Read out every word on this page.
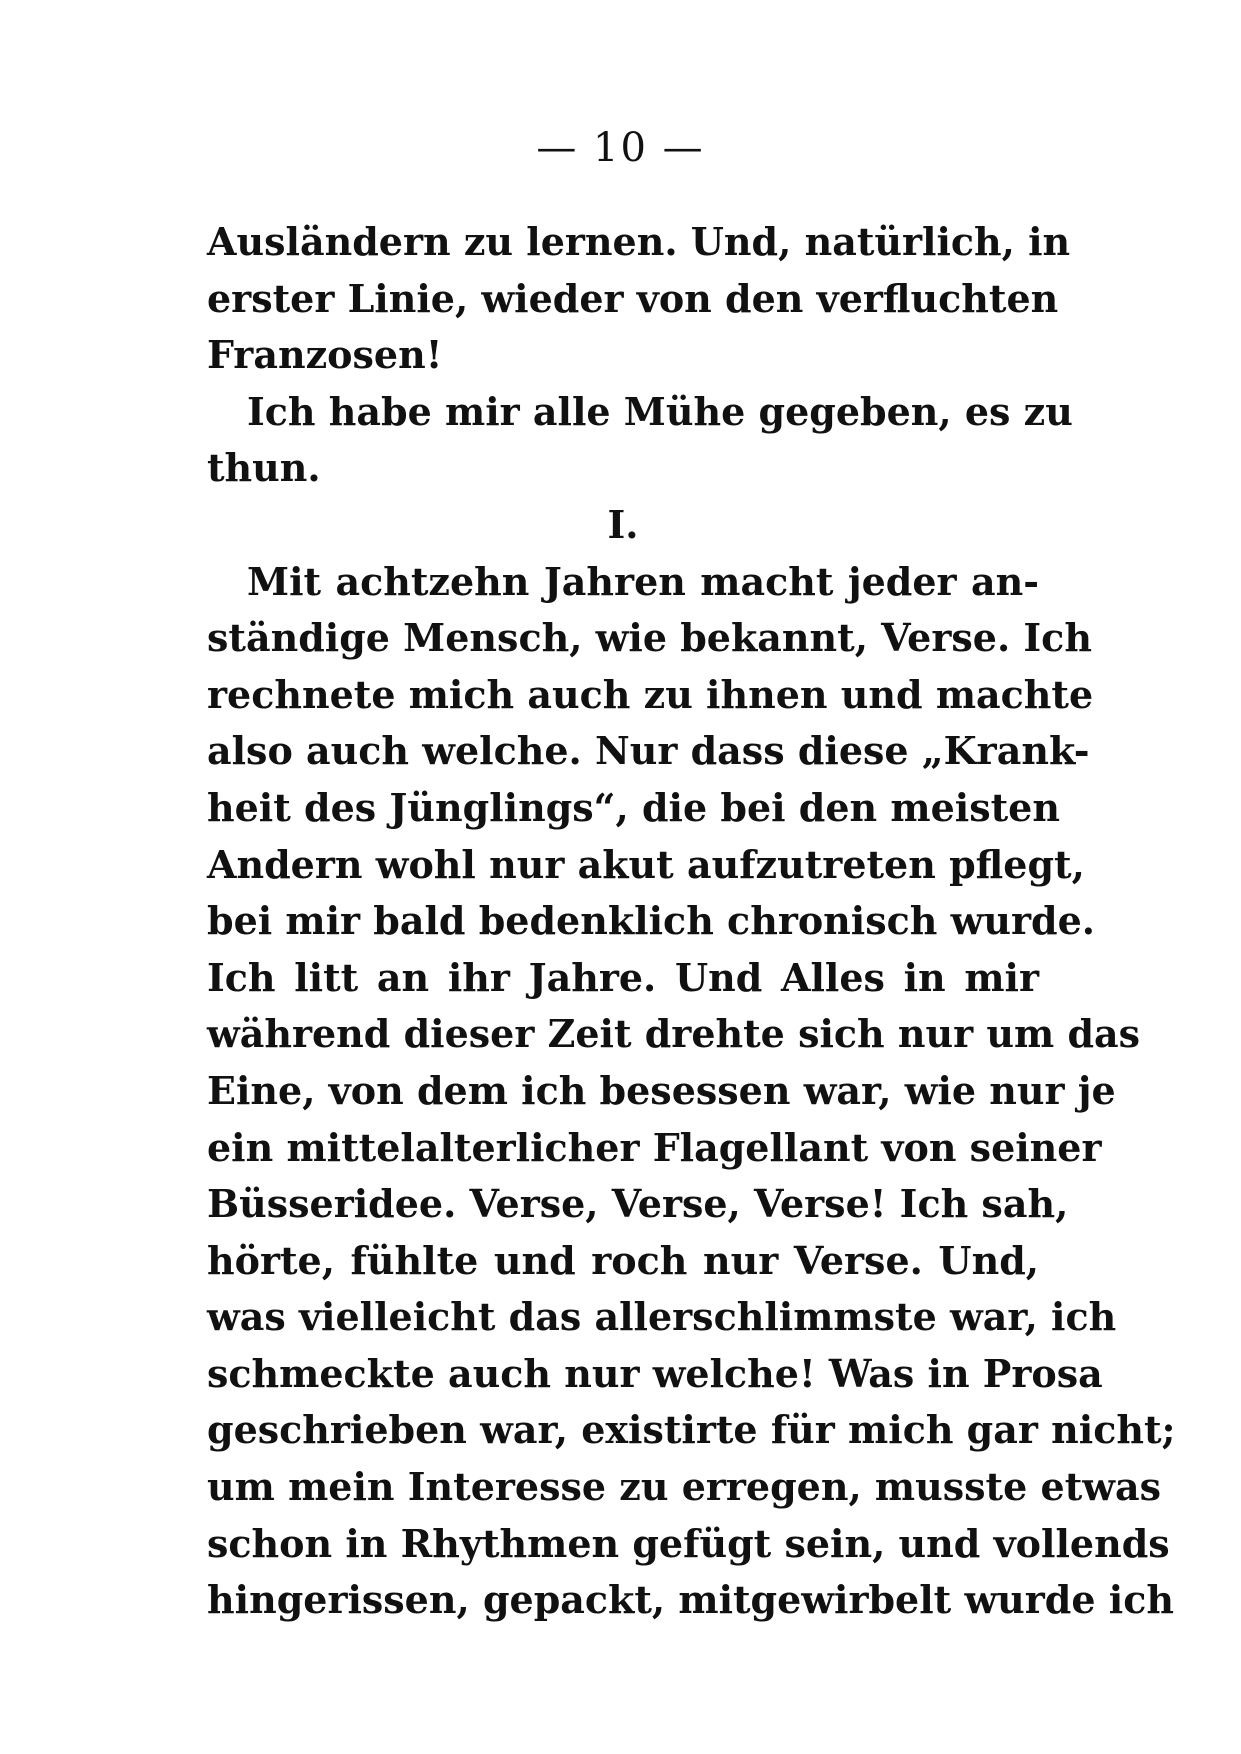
— 10 —
Ausländern zu lernen. Und, natürlich, in
erster Linie, wieder von den verfluchten
Franzosen!
Ich habe mir alle Mühe gegeben, es zu
thun.
I.
Mit achtzehn Jahren macht jeder an-
ständige Mensch, wie bekannt, Verse. Ich
rechnete mich auch zu ihnen und machte
also auch welche. Nur dass diese „Krank-
heit des Jünglings“, die bei den meisten
Andern wohl nur akut aufzutreten pflegt,
bei mir bald bedenklich chronisch wurde.
Ich litt an ihr Jahre. Und Alles in mir
während dieser Zeit drehte sich nur um das
Eine, von dem ich besessen war, wie nur je
ein mittelalterlicher Flagellant von seiner
Büsseridee. Verse, Verse, Verse! Ich sah,
hörte, fühlte und roch nur Verse. Und,
was vielleicht das allerschlimmste war, ich
schmeckte auch nur welche! Was in Prosa
geschrieben war, existirte für mich gar nicht;
um mein Interesse zu erregen, musste etwas
schon in Rhythmen gefügt sein, und vollends
hingerissen, gepackt, mitgewirbelt wurde ich
